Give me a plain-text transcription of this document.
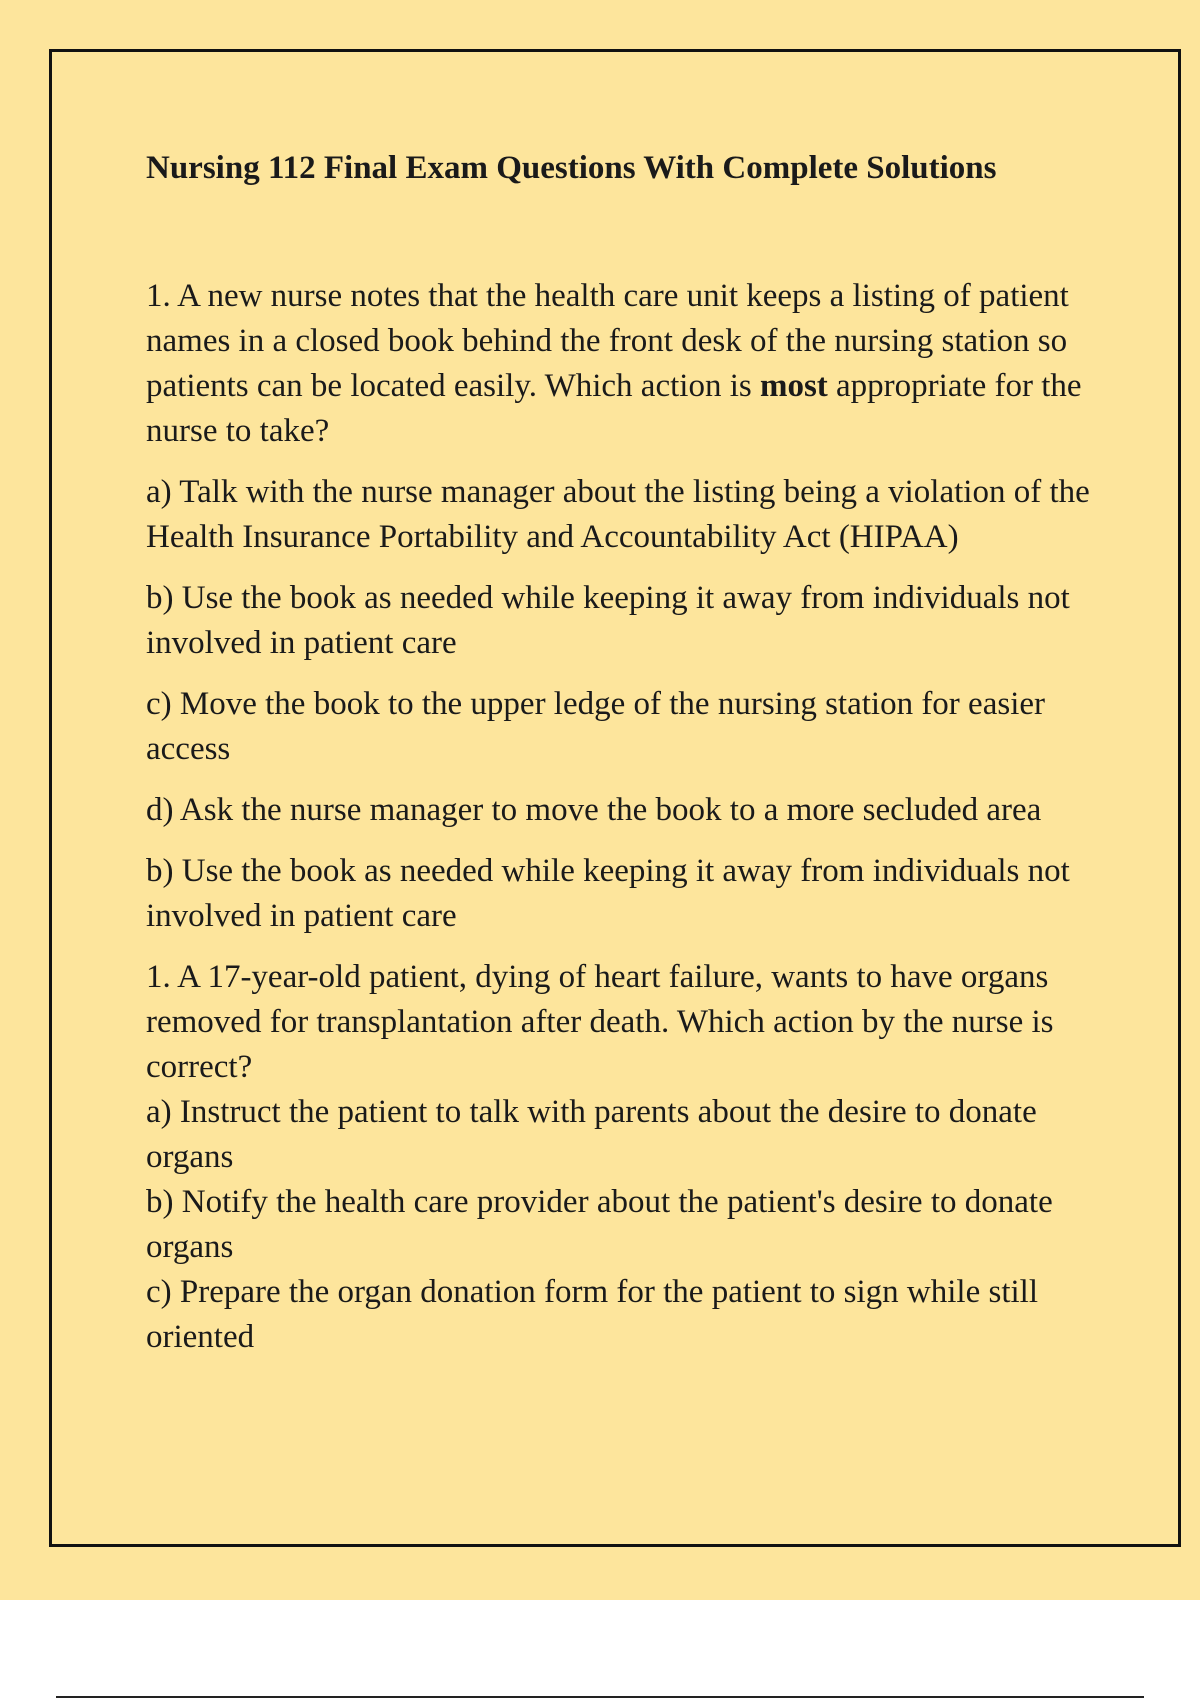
Nursing 112 Final Exam Questions With Complete Solutions

1. A new nurse notes that the health care unit keeps a listing of patient names in a closed book behind the front desk of the nursing station so patients can be located easily. Which action is most appropriate for the nurse to take?

a) Talk with the nurse manager about the listing being a violation of the Health Insurance Portability and Accountability Act (HIPAA)

b) Use the book as needed while keeping it away from individuals not involved in patient care

c) Move the book to the upper ledge of the nursing station for easier access

d) Ask the nurse manager to move the book to a more secluded area

b) Use the book as needed while keeping it away from individuals not involved in patient care

1. A 17-year-old patient, dying of heart failure, wants to have organs removed for transplantation after death. Which action by the nurse is correct?

a) Instruct the patient to talk with parents about the desire to donate organs

b) Notify the health care provider about the patient's desire to donate organs

c) Prepare the organ donation form for the patient to sign while still oriented
